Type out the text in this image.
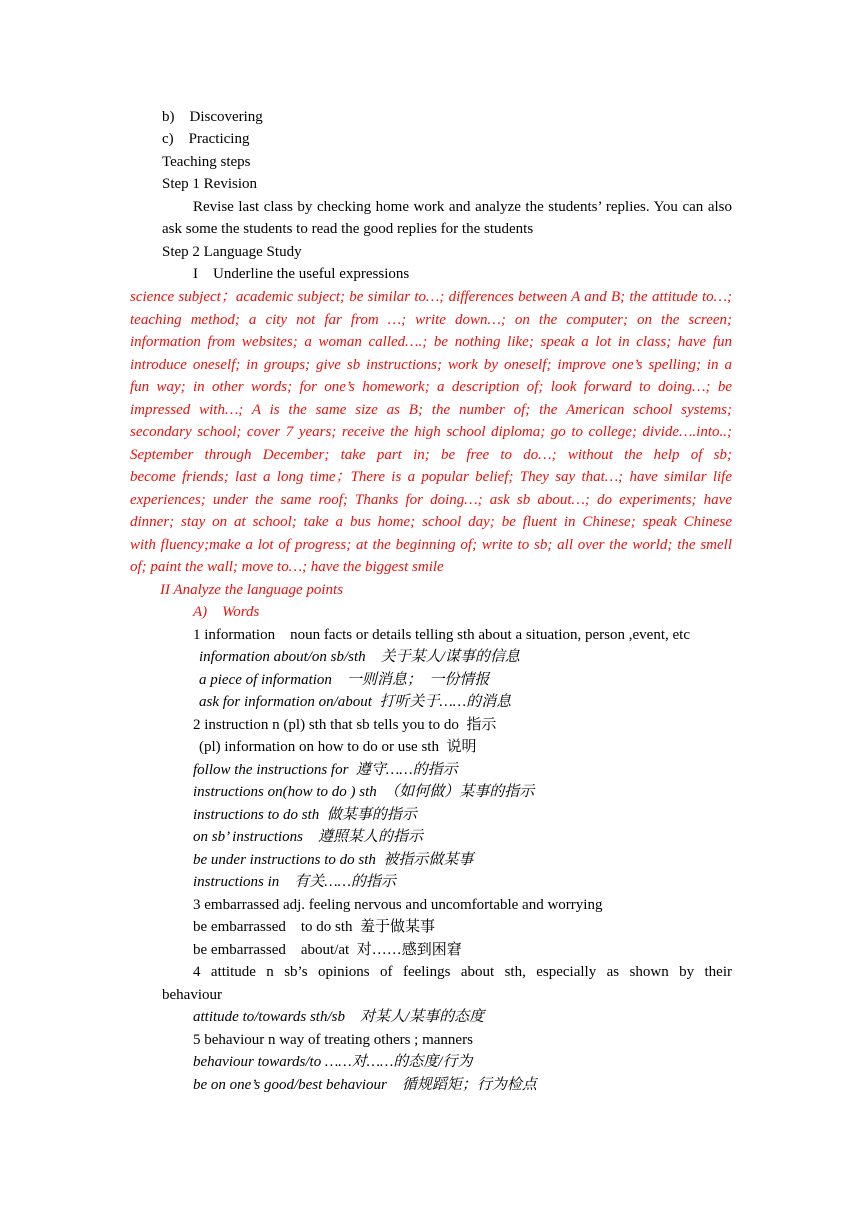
b)    Discovering
c)    Practicing
Teaching steps
Step 1 Revision
Revise last class by checking home work and analyze the students’ replies. You can also
ask some the students to read the good replies for the students
Step 2 Language Study
I    Underline the useful expressions
science subject；academic subject; be similar to…; differences between A and B; the attitude to…;
teaching method; a city not far from …; write down…; on the computer; on the screen;
information from websites; a woman called….; be nothing like; speak a lot in class; have fun
introduce oneself; in groups; give sb instructions; work by oneself; improve one’s spelling; in a
fun way; in other words; for one’s homework; a description of; look forward to doing…; be
impressed with…; A is the same size as B; the number of; the American school systems;
secondary school; cover 7 years; receive the high school diploma; go to college; divide….into..;
September through December; take part in; be free to do…; without the help of sb;
become friends; last a long time；There is a popular belief; They say that…; have similar life
experiences; under the same roof; Thanks for doing…; ask sb about…; do experiments; have
dinner; stay on at school; take a bus home; school day; be fluent in Chinese; speak Chinese
with fluency;make a lot of progress; at the beginning of; write to sb; all over the world; the smell
of; paint the wall; move to…; have the biggest smile
II Analyze the language points
A)    Words
1 information    noun facts or details telling sth about a situation, person ,event, etc
information about/on sb/sth    关于某人/谋事的信息
a piece of information    一则消息；  一份情报
ask for information on/about  打听关于……的消息
2 instruction n (pl) sth that sb tells you to do  指示
(pl) information on how to do or use sth  说明
follow the instructions for  遵守……的指示
instructions on(how to do ) sth  （如何做）某事的指示
instructions to do sth  做某事的指示
on sb’ instructions    遵照某人的指示
be under instructions to do sth  被指示做某事
instructions in    有关……的指示
3 embarrassed adj. feeling nervous and uncomfortable and worrying
be embarrassed    to do sth  羞于做某事
be embarrassed    about/at  对……感到困窘
4 attitude n sb’s opinions of feelings about sth, especially as shown by their
behaviour
attitude to/towards sth/sb    对某人/某事的态度
5 behaviour n way of treating others ; manners
behaviour towards/to ……对……的态度/行为
be on one’s good/best behaviour    循规蹈矩；行为检点
